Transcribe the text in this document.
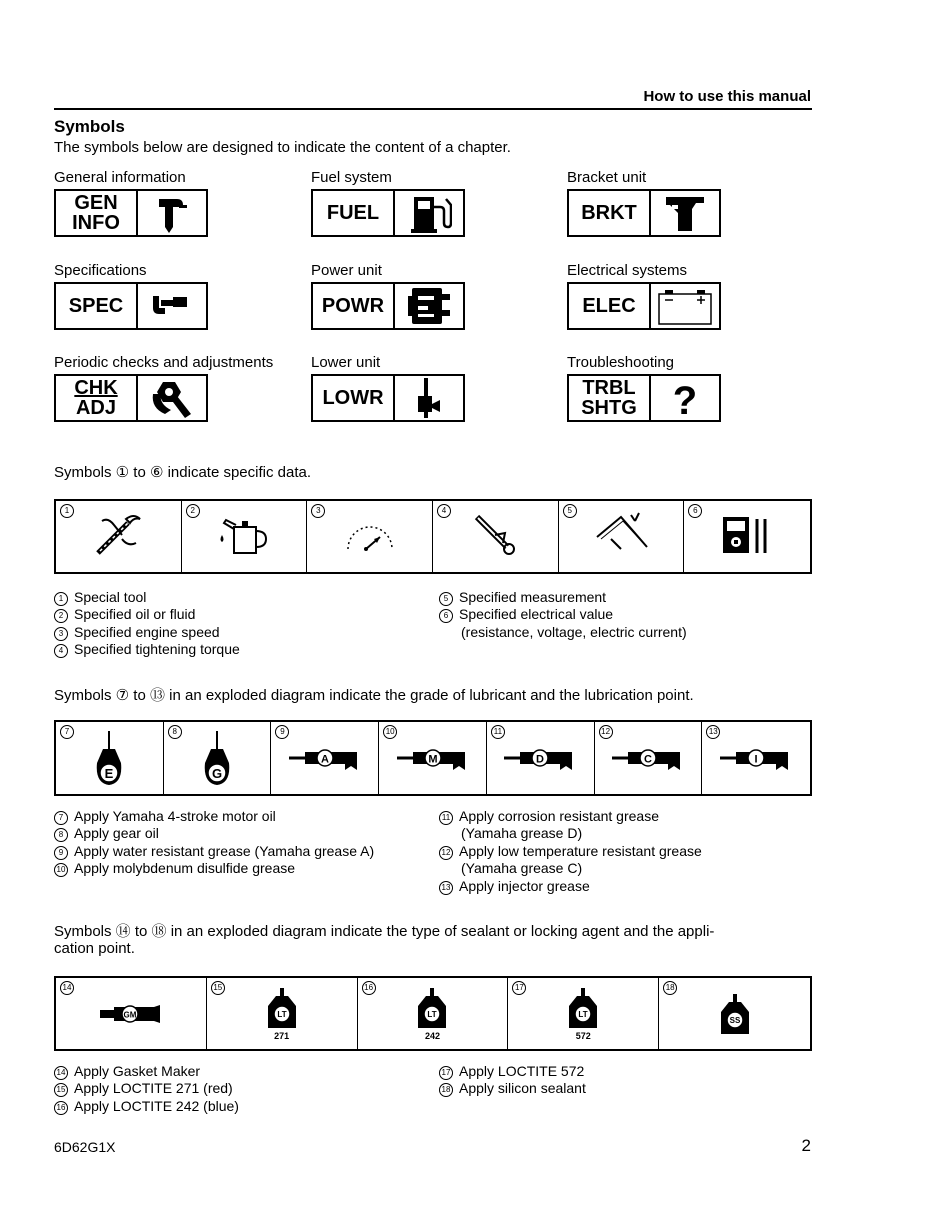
How to use this manual
Symbols
The symbols below are designed to indicate the content of a chapter.
General information
GEN
INFO
Fuel system
FUEL
Bracket unit
BRKT
Specifications
SPEC
Power unit
POWR
Electrical systems
ELEC
Periodic checks and adjustments
CHK
ADJ
Lower unit
LOWR
Troubleshooting
TRBL
SHTG ?
Symbols ① to ⑥ indicate specific data.
1	2	3	4	5	6
1 Special tool
2 Specified oil or fluid
3 Specified engine speed
4 Specified tightening torque
5 Specified measurement
6 Specified electrical value
(resistance, voltage, electric current)
Symbols ⑦ to ⑬ in an exploded diagram indicate the grade of lubricant and the lubrication point.
7
E
8
G
9
A
10
M
11
D
12
C
13
I
7 Apply Yamaha 4-stroke motor oil
8 Apply gear oil
9 Apply water resistant grease (Yamaha grease A)
10 Apply molybdenum disulfide grease
11 Apply corrosion resistant grease
(Yamaha grease D)
12 Apply low temperature resistant grease
(Yamaha grease C)
13 Apply injector grease
Symbols ⑭ to ⑱ in an exploded diagram indicate the type of sealant or locking agent and the appli-
cation point.
14
GM
15
LT
271
16
LT
242
17
LT
572
18
SS
14 Apply Gasket Maker
15 Apply LOCTITE 271 (red)
16 Apply LOCTITE 242 (blue)
17 Apply LOCTITE 572
18 Apply silicon sealant
6D62G1X	2
